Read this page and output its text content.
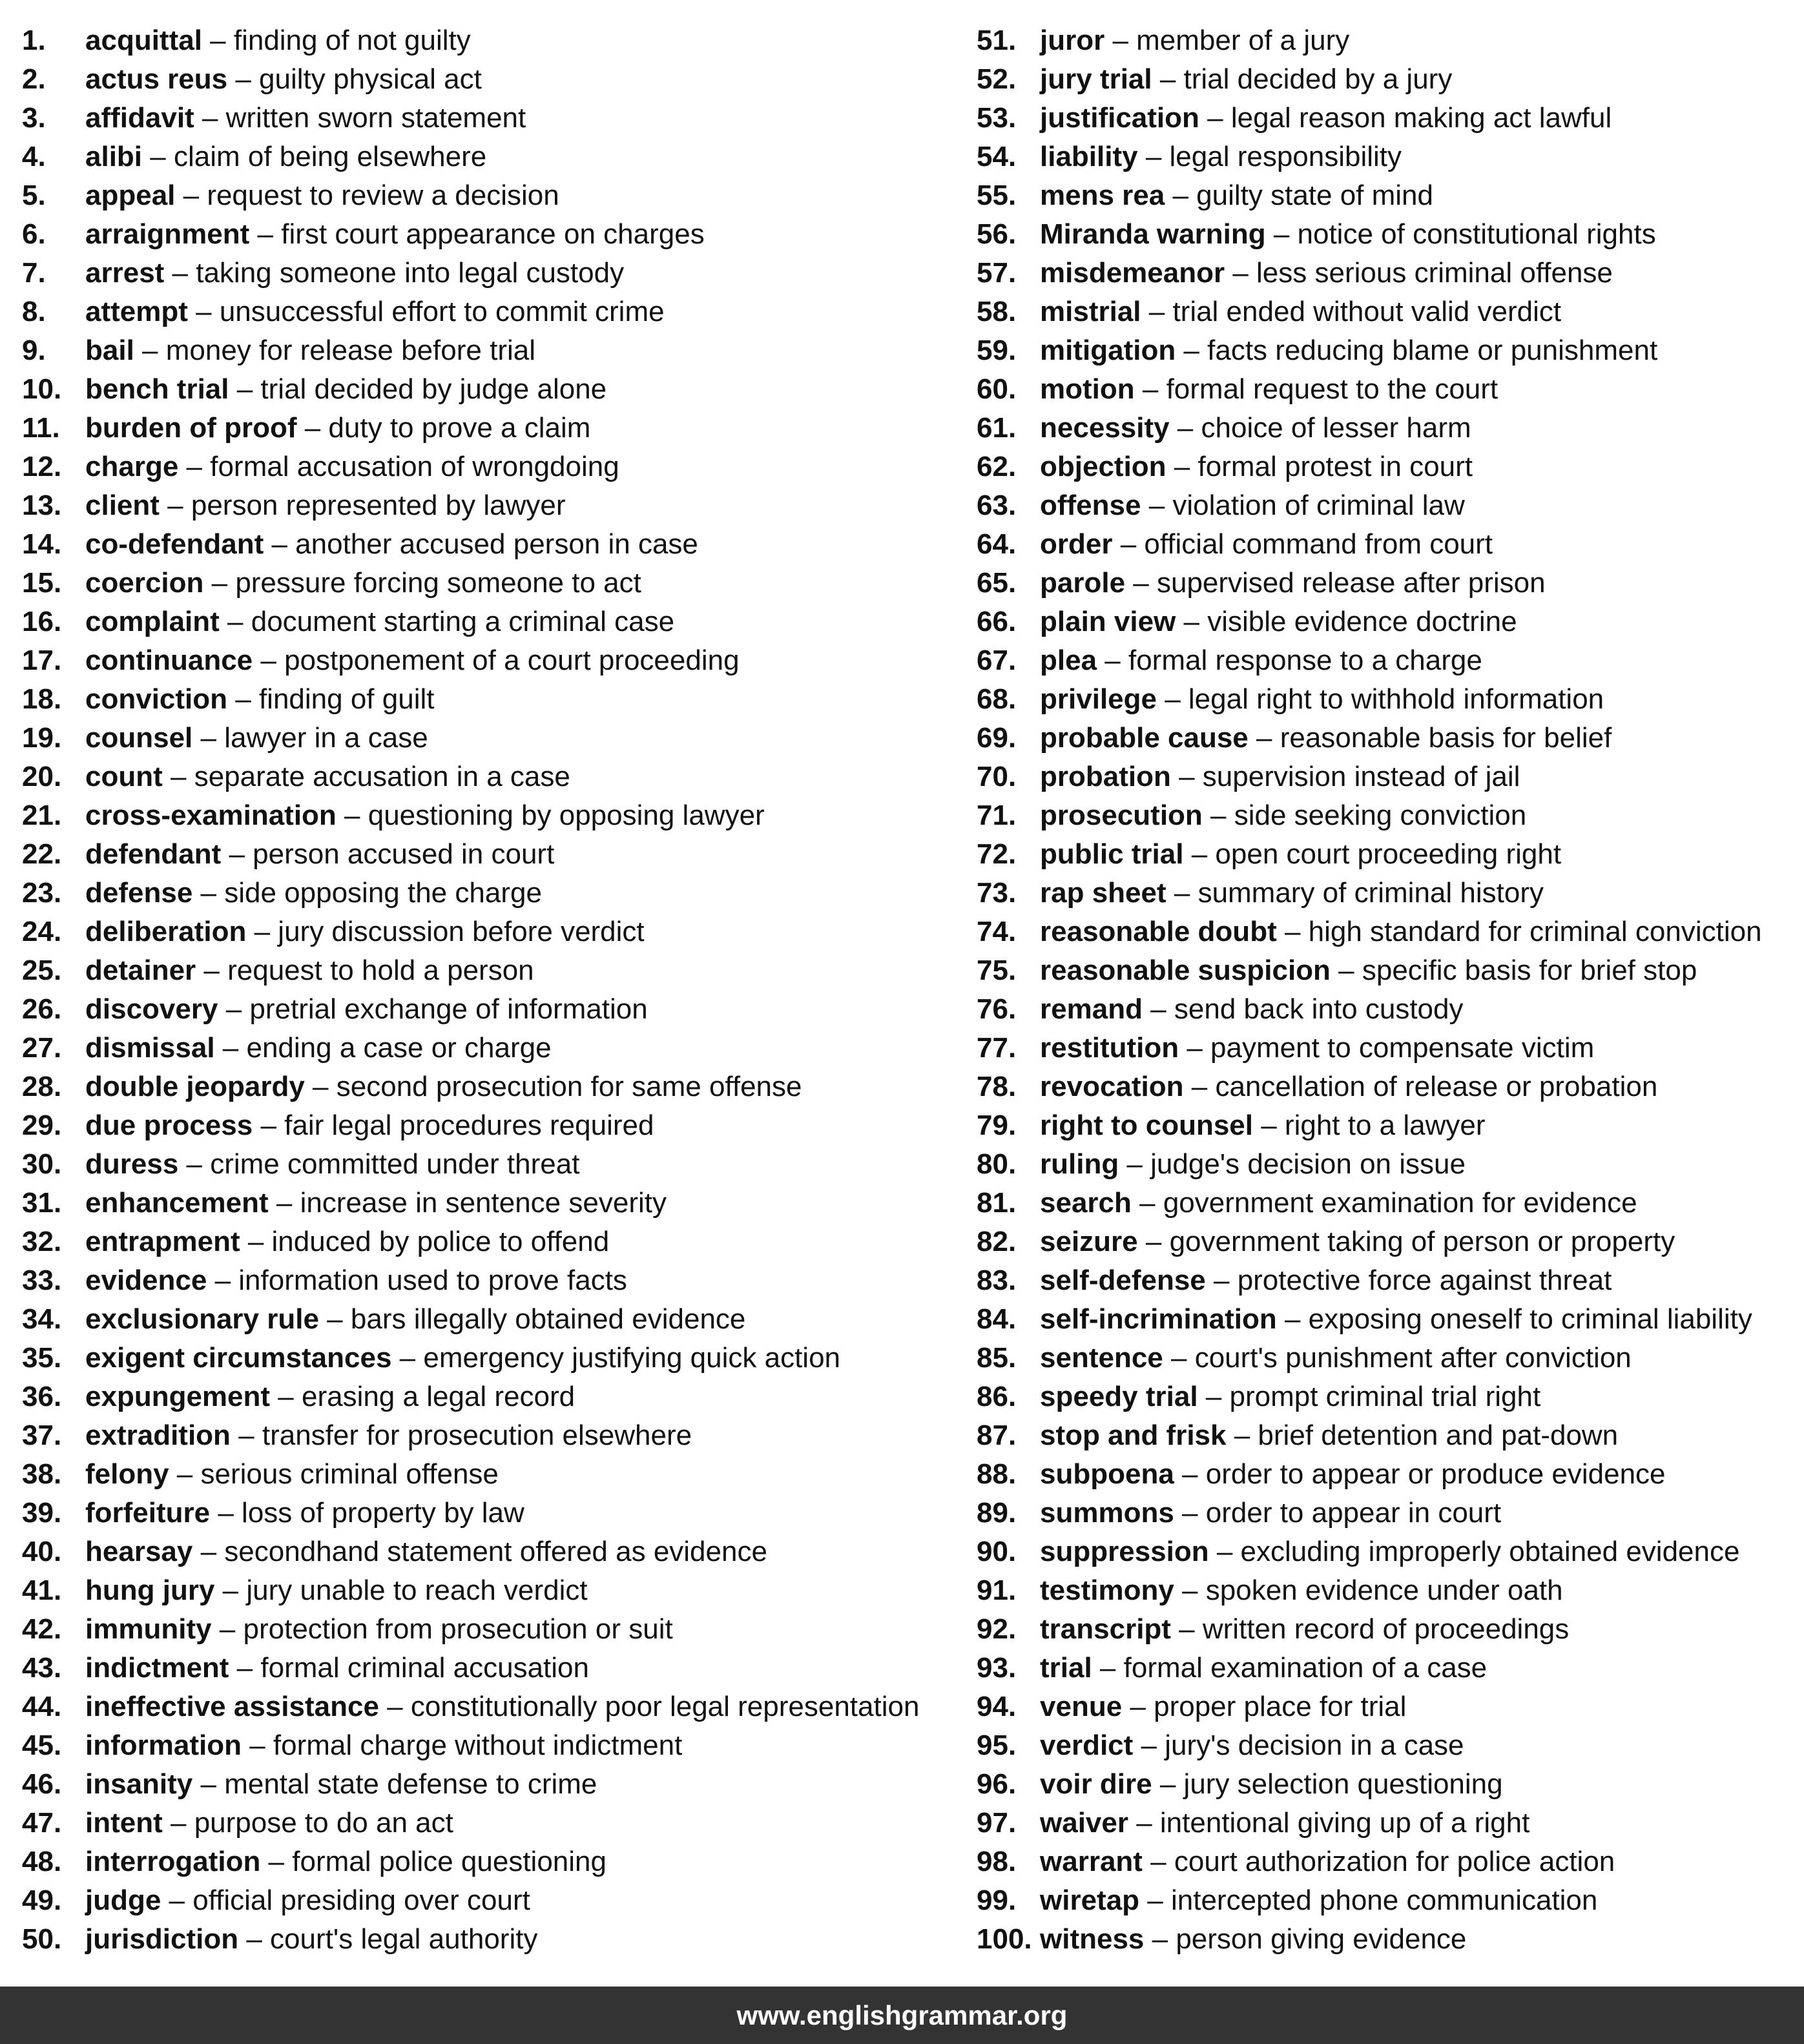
1. acquittal – finding of not guilty
2. actus reus – guilty physical act
3. affidavit – written sworn statement
4. alibi – claim of being elsewhere
5. appeal – request to review a decision
6. arraignment – first court appearance on charges
7. arrest – taking someone into legal custody
8. attempt – unsuccessful effort to commit crime
9. bail – money for release before trial
10. bench trial – trial decided by judge alone
11. burden of proof – duty to prove a claim
12. charge – formal accusation of wrongdoing
13. client – person represented by lawyer
14. co-defendant – another accused person in case
15. coercion – pressure forcing someone to act
16. complaint – document starting a criminal case
17. continuance – postponement of a court proceeding
18. conviction – finding of guilt
19. counsel – lawyer in a case
20. count – separate accusation in a case
21. cross-examination – questioning by opposing lawyer
22. defendant – person accused in court
23. defense – side opposing the charge
24. deliberation – jury discussion before verdict
25. detainer – request to hold a person
26. discovery – pretrial exchange of information
27. dismissal – ending a case or charge
28. double jeopardy – second prosecution for same offense
29. due process – fair legal procedures required
30. duress – crime committed under threat
31. enhancement – increase in sentence severity
32. entrapment – induced by police to offend
33. evidence – information used to prove facts
34. exclusionary rule – bars illegally obtained evidence
35. exigent circumstances – emergency justifying quick action
36. expungement – erasing a legal record
37. extradition – transfer for prosecution elsewhere
38. felony – serious criminal offense
39. forfeiture – loss of property by law
40. hearsay – secondhand statement offered as evidence
41. hung jury – jury unable to reach verdict
42. immunity – protection from prosecution or suit
43. indictment – formal criminal accusation
44. ineffective assistance – constitutionally poor legal representation
45. information – formal charge without indictment
46. insanity – mental state defense to crime
47. intent – purpose to do an act
48. interrogation – formal police questioning
49. judge – official presiding over court
50. jurisdiction – court's legal authority
51. juror – member of a jury
52. jury trial – trial decided by a jury
53. justification – legal reason making act lawful
54. liability – legal responsibility
55. mens rea – guilty state of mind
56. Miranda warning – notice of constitutional rights
57. misdemeanor – less serious criminal offense
58. mistrial – trial ended without valid verdict
59. mitigation – facts reducing blame or punishment
60. motion – formal request to the court
61. necessity – choice of lesser harm
62. objection – formal protest in court
63. offense – violation of criminal law
64. order – official command from court
65. parole – supervised release after prison
66. plain view – visible evidence doctrine
67. plea – formal response to a charge
68. privilege – legal right to withhold information
69. probable cause – reasonable basis for belief
70. probation – supervision instead of jail
71. prosecution – side seeking conviction
72. public trial – open court proceeding right
73. rap sheet – summary of criminal history
74. reasonable doubt – high standard for criminal conviction
75. reasonable suspicion – specific basis for brief stop
76. remand – send back into custody
77. restitution – payment to compensate victim
78. revocation – cancellation of release or probation
79. right to counsel – right to a lawyer
80. ruling – judge's decision on issue
81. search – government examination for evidence
82. seizure – government taking of person or property
83. self-defense – protective force against threat
84. self-incrimination – exposing oneself to criminal liability
85. sentence – court's punishment after conviction
86. speedy trial – prompt criminal trial right
87. stop and frisk – brief detention and pat-down
88. subpoena – order to appear or produce evidence
89. summons – order to appear in court
90. suppression – excluding improperly obtained evidence
91. testimony – spoken evidence under oath
92. transcript – written record of proceedings
93. trial – formal examination of a case
94. venue – proper place for trial
95. verdict – jury's decision in a case
96. voir dire – jury selection questioning
97. waiver – intentional giving up of a right
98. warrant – court authorization for police action
99. wiretap – intercepted phone communication
100. witness – person giving evidence
www.englishgrammar.org
